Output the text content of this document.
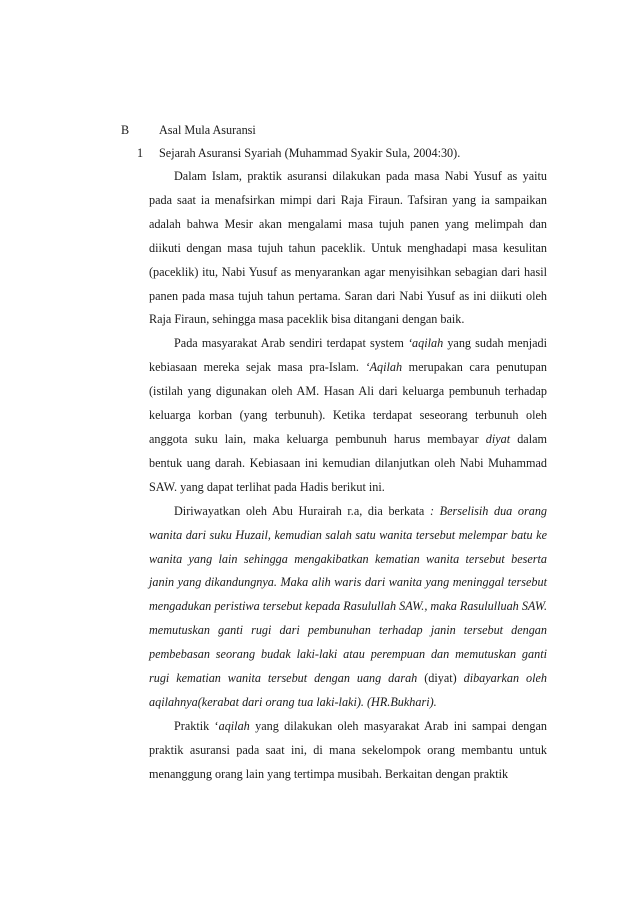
B Asal Mula Asuransi
1 Sejarah Asuransi Syariah (Muhammad Syakir Sula, 2004:30).

Dalam Islam, praktik asuransi dilakukan pada masa Nabi Yusuf as yaitu pada saat ia menafsirkan mimpi dari Raja Firaun. Tafsiran yang ia sampaikan adalah bahwa Mesir akan mengalami masa tujuh panen yang melimpah dan diikuti dengan masa tujuh tahun paceklik. Untuk menghadapi masa kesulitan (paceklik) itu, Nabi Yusuf as menyarankan agar menyisihkan sebagian dari hasil panen pada masa tujuh tahun pertama. Saran dari Nabi Yusuf as ini diikuti oleh Raja Firaun, sehingga masa paceklik bisa ditangani dengan baik.

Pada masyarakat Arab sendiri terdapat system ‘aqilah yang sudah menjadi kebiasaan mereka sejak masa pra-Islam. ‘Aqilah merupakan cara penutupan (istilah yang digunakan oleh AM. Hasan Ali dari keluarga pembunuh terhadap keluarga korban (yang terbunuh). Ketika terdapat seseorang terbunuh oleh anggota suku lain, maka keluarga pembunuh harus membayar diyat dalam bentuk uang darah. Kebiasaan ini kemudian dilanjutkan oleh Nabi Muhammad SAW. yang dapat terlihat pada Hadis berikut ini.

Diriwayatkan oleh Abu Hurairah r.a, dia berkata : Berselisih dua orang wanita dari suku Huzail, kemudian salah satu wanita tersebut melempar batu ke wanita yang lain sehingga mengakibatkan kematian wanita tersebut beserta janin yang dikandungnya. Maka alih waris dari wanita yang meninggal tersebut mengadukan peristiwa tersebut kepada Rasulullah SAW., maka Rasululluah SAW. memutuskan ganti rugi dari pembunuhan terhadap janin tersebut dengan pembebasan seorang budak laki-laki atau perempuan dan memutuskan ganti rugi kematian wanita tersebut dengan uang darah (diyat) dibayarkan oleh aqilahnya(kerabat dari orang tua laki-laki). (HR.Bukhari).

Praktik ‘aqilah yang dilakukan oleh masyarakat Arab ini sampai dengan praktik asuransi pada saat ini, di mana sekelompok orang membantu untuk menanggung orang lain yang tertimpa musibah. Berkaitan dengan praktik
